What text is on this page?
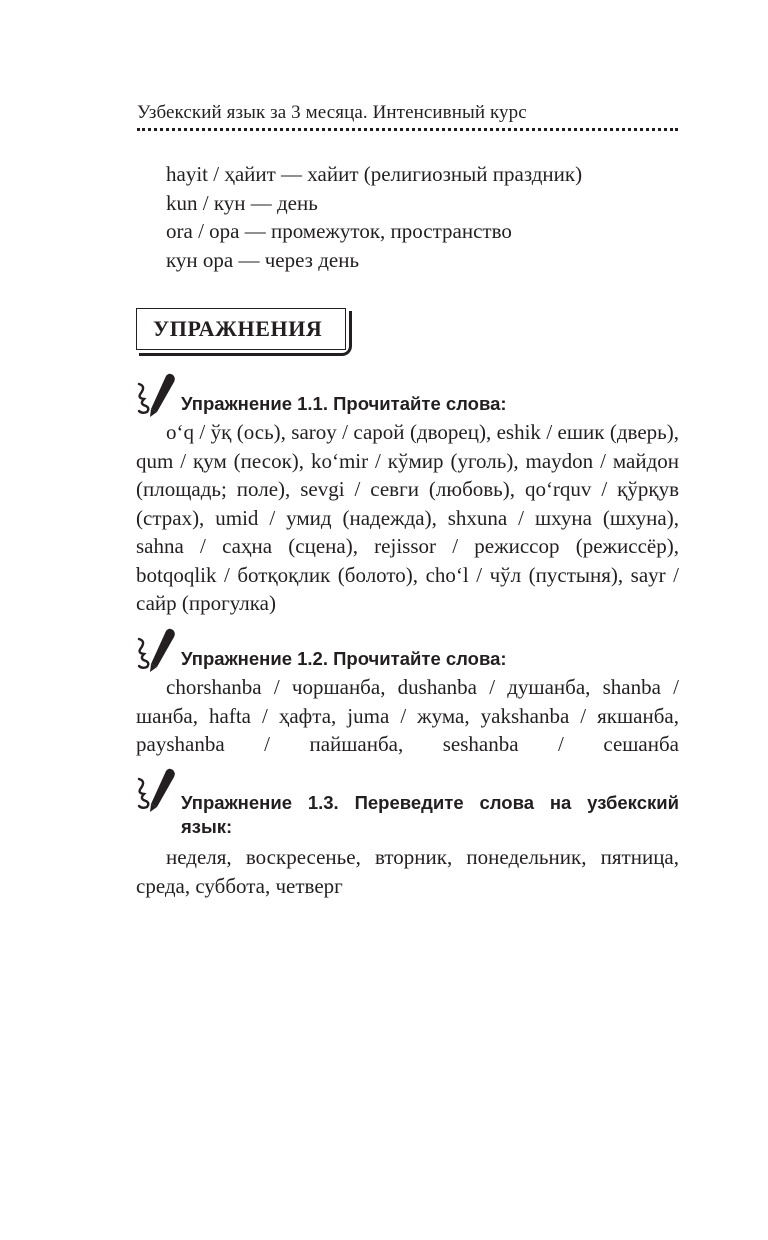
Узбекский язык за 3 месяца. Интенсивный курс
hayit / ҳайит — хайит (религиозный праздник)
kun / кун — день
ora / ора — промежуток, пространство
кун ора — через день
УПРАЖНЕНИЯ
Упражнение 1.1. Прочитайте слова:
o‘q / ўқ (ось), saroy / сарой (дворец), eshik / eшик (дверь), qum / қум (песок), ko‘mir / кўмир (уголь), maydon / майдон (площадь; поле), sevgi / севги (любовь), qo‘rquv / қўрқув (страх), umid / умид (надежда), shxuna / шхуна (шхуна), sahna / саҳна (сцена), rejissor / режиссор (режиссёр), botqoqlik / ботқоқлик (болото), cho‘l / чўл (пустыня), sayr / сайр (прогулка)
Упражнение 1.2. Прочитайте слова:
chorshanba / чоршанба, dushanba / душанба, shanba / шанба, hafta / ҳафта, juma / жума, yakshanba / якшанба, payshanba / пайшанба, seshanba / сешанба
Упражнение 1.3. Переведите слова на узбекский язык:
неделя, воскресенье, вторник, понедельник, пятница, среда, суббота, четверг
